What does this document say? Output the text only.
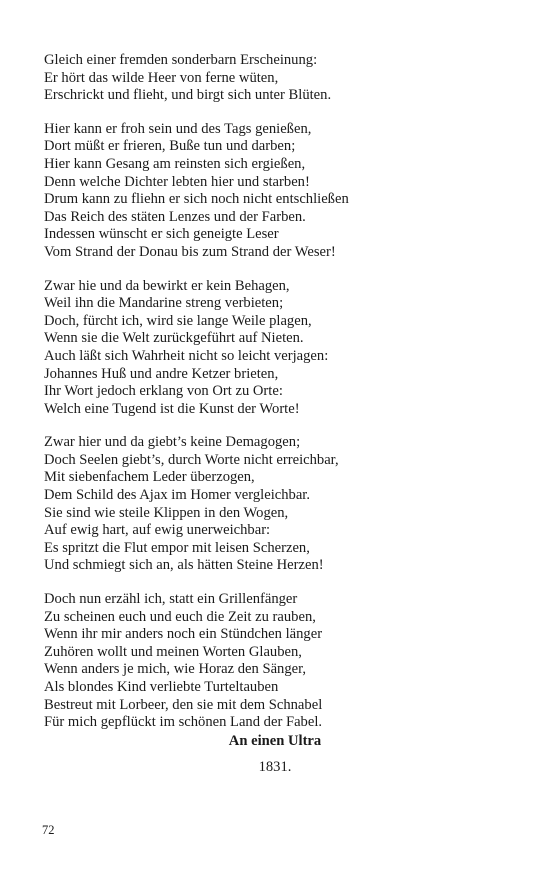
Gleich einer fremden sonderbarn Erscheinung:
Er hört das wilde Heer von ferne wüten,
Erschrickt und flieht, und birgt sich unter Blüten.
Hier kann er froh sein und des Tags genießen,
Dort müßt er frieren, Buße tun und darben;
Hier kann Gesang am reinsten sich ergießen,
Denn welche Dichter lebten hier und starben!
Drum kann zu fliehn er sich noch nicht entschließen
Das Reich des stäten Lenzes und der Farben.
Indessen wünscht er sich geneigte Leser
Vom Strand der Donau bis zum Strand der Weser!
Zwar hie und da bewirkt er kein Behagen,
Weil ihn die Mandarine streng verbieten;
Doch, fürcht ich, wird sie lange Weile plagen,
Wenn sie die Welt zurückgeführt auf Nieten.
Auch läßt sich Wahrheit nicht so leicht verjagen:
Johannes Huß und andre Ketzer brieten,
Ihr Wort jedoch erklang von Ort zu Orte:
Welch eine Tugend ist die Kunst der Worte!
Zwar hier und da giebt’s keine Demagogen;
Doch Seelen giebt’s, durch Worte nicht erreichbar,
Mit siebenfachem Leder überzogen,
Dem Schild des Ajax im Homer vergleichbar.
Sie sind wie steile Klippen in den Wogen,
Auf ewig hart, auf ewig unerweichbar:
Es spritzt die Flut empor mit leisen Scherzen,
Und schmiegt sich an, als hätten Steine Herzen!
Doch nun erzähl ich, statt ein Grillenfänger
Zu scheinen euch und euch die Zeit zu rauben,
Wenn ihr mir anders noch ein Stündchen länger
Zuhören wollt und meinen Worten Glauben,
Wenn anders je mich, wie Horaz den Sänger,
Als blondes Kind verliebte Turteltauben
Bestreut mit Lorbeer, den sie mit dem Schnabel
Für mich gepflückt im schönen Land der Fabel.
An einen Ultra

1831.

72
